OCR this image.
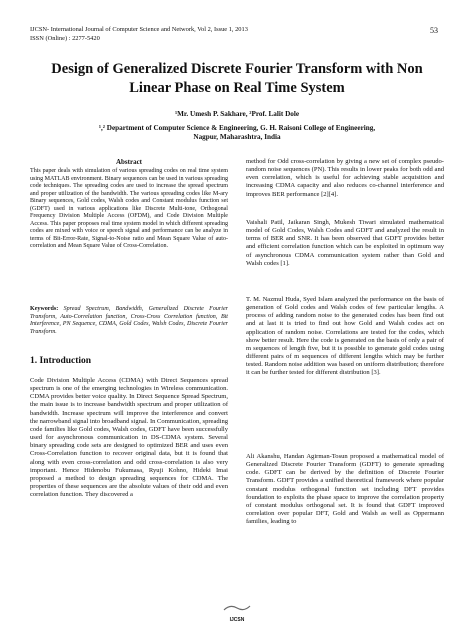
IJCSN- International Journal of Computer Science and Network, Vol 2, Issue 1, 2013
ISSN (Online) : 2277-5420
53
Design of Generalized Discrete Fourier Transform with Non
Linear Phase on Real Time System
¹Mr. Umesh P. Sakhare, ²Prof. Lalit Dole
¹,² Department of Computer Science & Engineering, G. H. Raisoni College of Engineering,
Nagpur, Maharashtra, India
Abstract
This paper deals with simulation of various spreading codes on real time system using MATLAB environment. Binary sequences can be used in various spreading code techniques. The spreading codes are used to increase the spread spectrum and proper utilization of the bandwidth. The various spreading codes like M-ary Binary sequences, Gold codes, Walsh codes and Constant modulus function set (GDFT) used in various applications like Discrete Multi-tone, Orthogonal Frequency Division Multiple Access (OFDM), and Code Division Multiple Access. This paper proposes real time system model in which different spreading codes are mixed with voice or speech signal and performance can be analyze in terms of Bit-Error-Rate, Signal-to-Noise ratio and Mean Square Value of auto-correlation and Mean Square Value of Cross-Correlation.
Keywords: Spread Spectrum, Bandwidth, Generalized Discrete Fourier Transform, Auto-Correlation function, Cross-Cross Correlation function, Bit Interference, PN Sequence, CDMA, Gold Codes, Walsh Codes, Discrete Fourier Transform.
1. Introduction
Code Division Multiple Access (CDMA) with Direct Sequences spread spectrum is one of the emerging technologies in Wireless communication. CDMA provides better voice quality. In Direct Sequence Spread Spectrum, the main issue is to increase bandwidth spectrum and proper utilization of bandwidth. Increase spectrum will improve the interference and convert the narrowband signal into broadband signal. In Communication, spreading code families like Gold codes, Walsh codes, GDFT have been successfully used for asynchronous communication in DS-CDMA system. Several binary spreading code sets are designed to optimized BER and uses even Cross-Correlation function to recover original data, but it is found that along with even cross-correlation and odd cross-correlation is also very important. Hence Hidenobu Fukumasa, Ryuji Kohno, Hideki Imai proposed a method to design spreading sequences for CDMA. The properties of these sequences are the absolute values of their odd and even correlation function. They discovered a
method for Odd cross-correlation by giving a new set of complex pseudo-random noise sequences (PN). This results in lower peaks for both odd and even correlation, which is useful for achieving stable acquisition and increasing CDMA capacity and also reduces co-channel interference and improves BER performance [2][4].
Vaishali Patil, Jaikaran Singh, Mukesh Tiwari simulated mathematical model of Gold Codes, Walsh Codes and GDFT and analyzed the result in terms of BER and SNR. It has been observed that GDFT provides better and efficient correlation function which can be exploited in optimum way of asynchronous CDMA communication system rather than Gold and Walsh codes [1].
T. M. Nazmul Huda, Syed Islam analyzed the performance on the basis of generation of Gold codes and Walsh codes of few particular lengths. A process of adding random noise to the generated codes has been find out and at last it is tried to find out how Gold and Walsh codes act on application of random noise. Correlations are tested for the codes, which show better result. Here the code is generated on the basis of only a pair of m sequences of length five, but it is possible to generate gold codes using different pairs of m sequences of different lengths which may be further tested. Random noise addition was based on uniform distribution; therefore it can be further tested for different distribution [3].
Ali Akanshu, Handan Agirman-Tosun proposed a mathematical model of Generalized Discrete Fourier Transform (GDFT) to generate spreading code. GDFT can be derived by the definition of Discrete Fourier Transform. GDFT provides a unified theoretical framework where popular constant modulus orthogonal function set including DFT provides foundation to exploits the phase space to improve the correlation property of constant modulus orthogonal set. It is found that GDFT improved correlation over popular DFT, Gold and Walsh as well as Oppermann families, leading to
IJCSN
